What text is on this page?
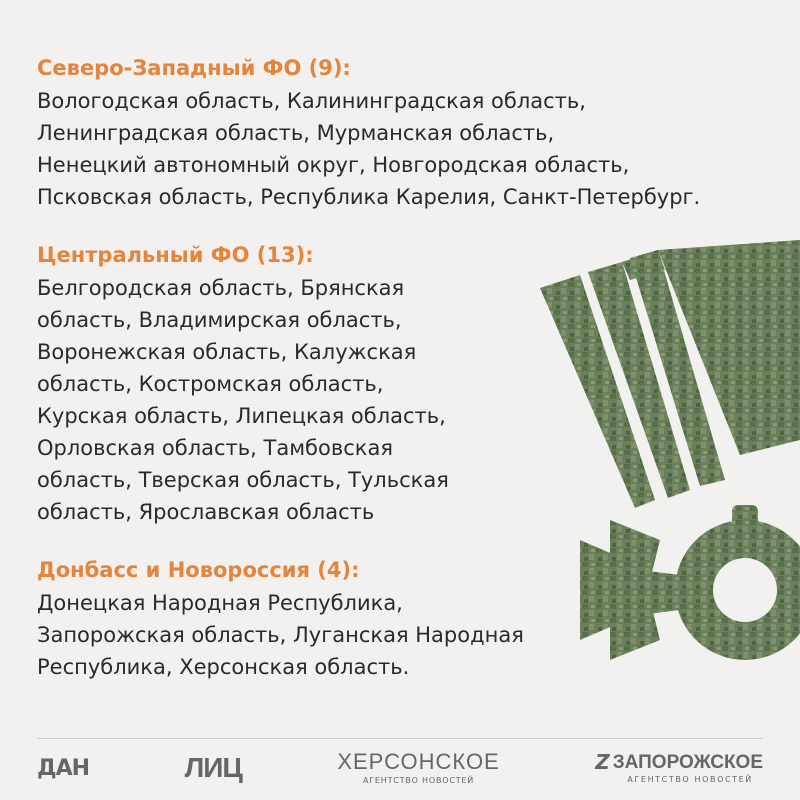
Северо-Западный ФО (9):
Вологодская область, Калининградская область,
Ленинградская область, Мурманская область,
Ненецкий автономный округ, Новгородская область,
Псковская область, Республика Карелия, Санкт-Петербург.
Центральный ФО (13):
Белгородская область, Брянская
область, Владимирская область,
Воронежская область, Калужская
область, Костромская область,
Курская область, Липецкая область,
Орловская область, Тамбовская
область, Тверская область, Тульская
область, Ярославская область
Донбасс и Новороссия (4):
Донецкая Народная Республика,
Запорожская область, Луганская Народная
Республика, Херсонская область.
ДАН	ЛИЦ	ХЕРСОНСКОЕ
АГЕНТСТВО НОВОСТЕЙ
Z ЗАПОРОЖСКОЕ
АГЕНТСТВО НОВОСТЕЙ
